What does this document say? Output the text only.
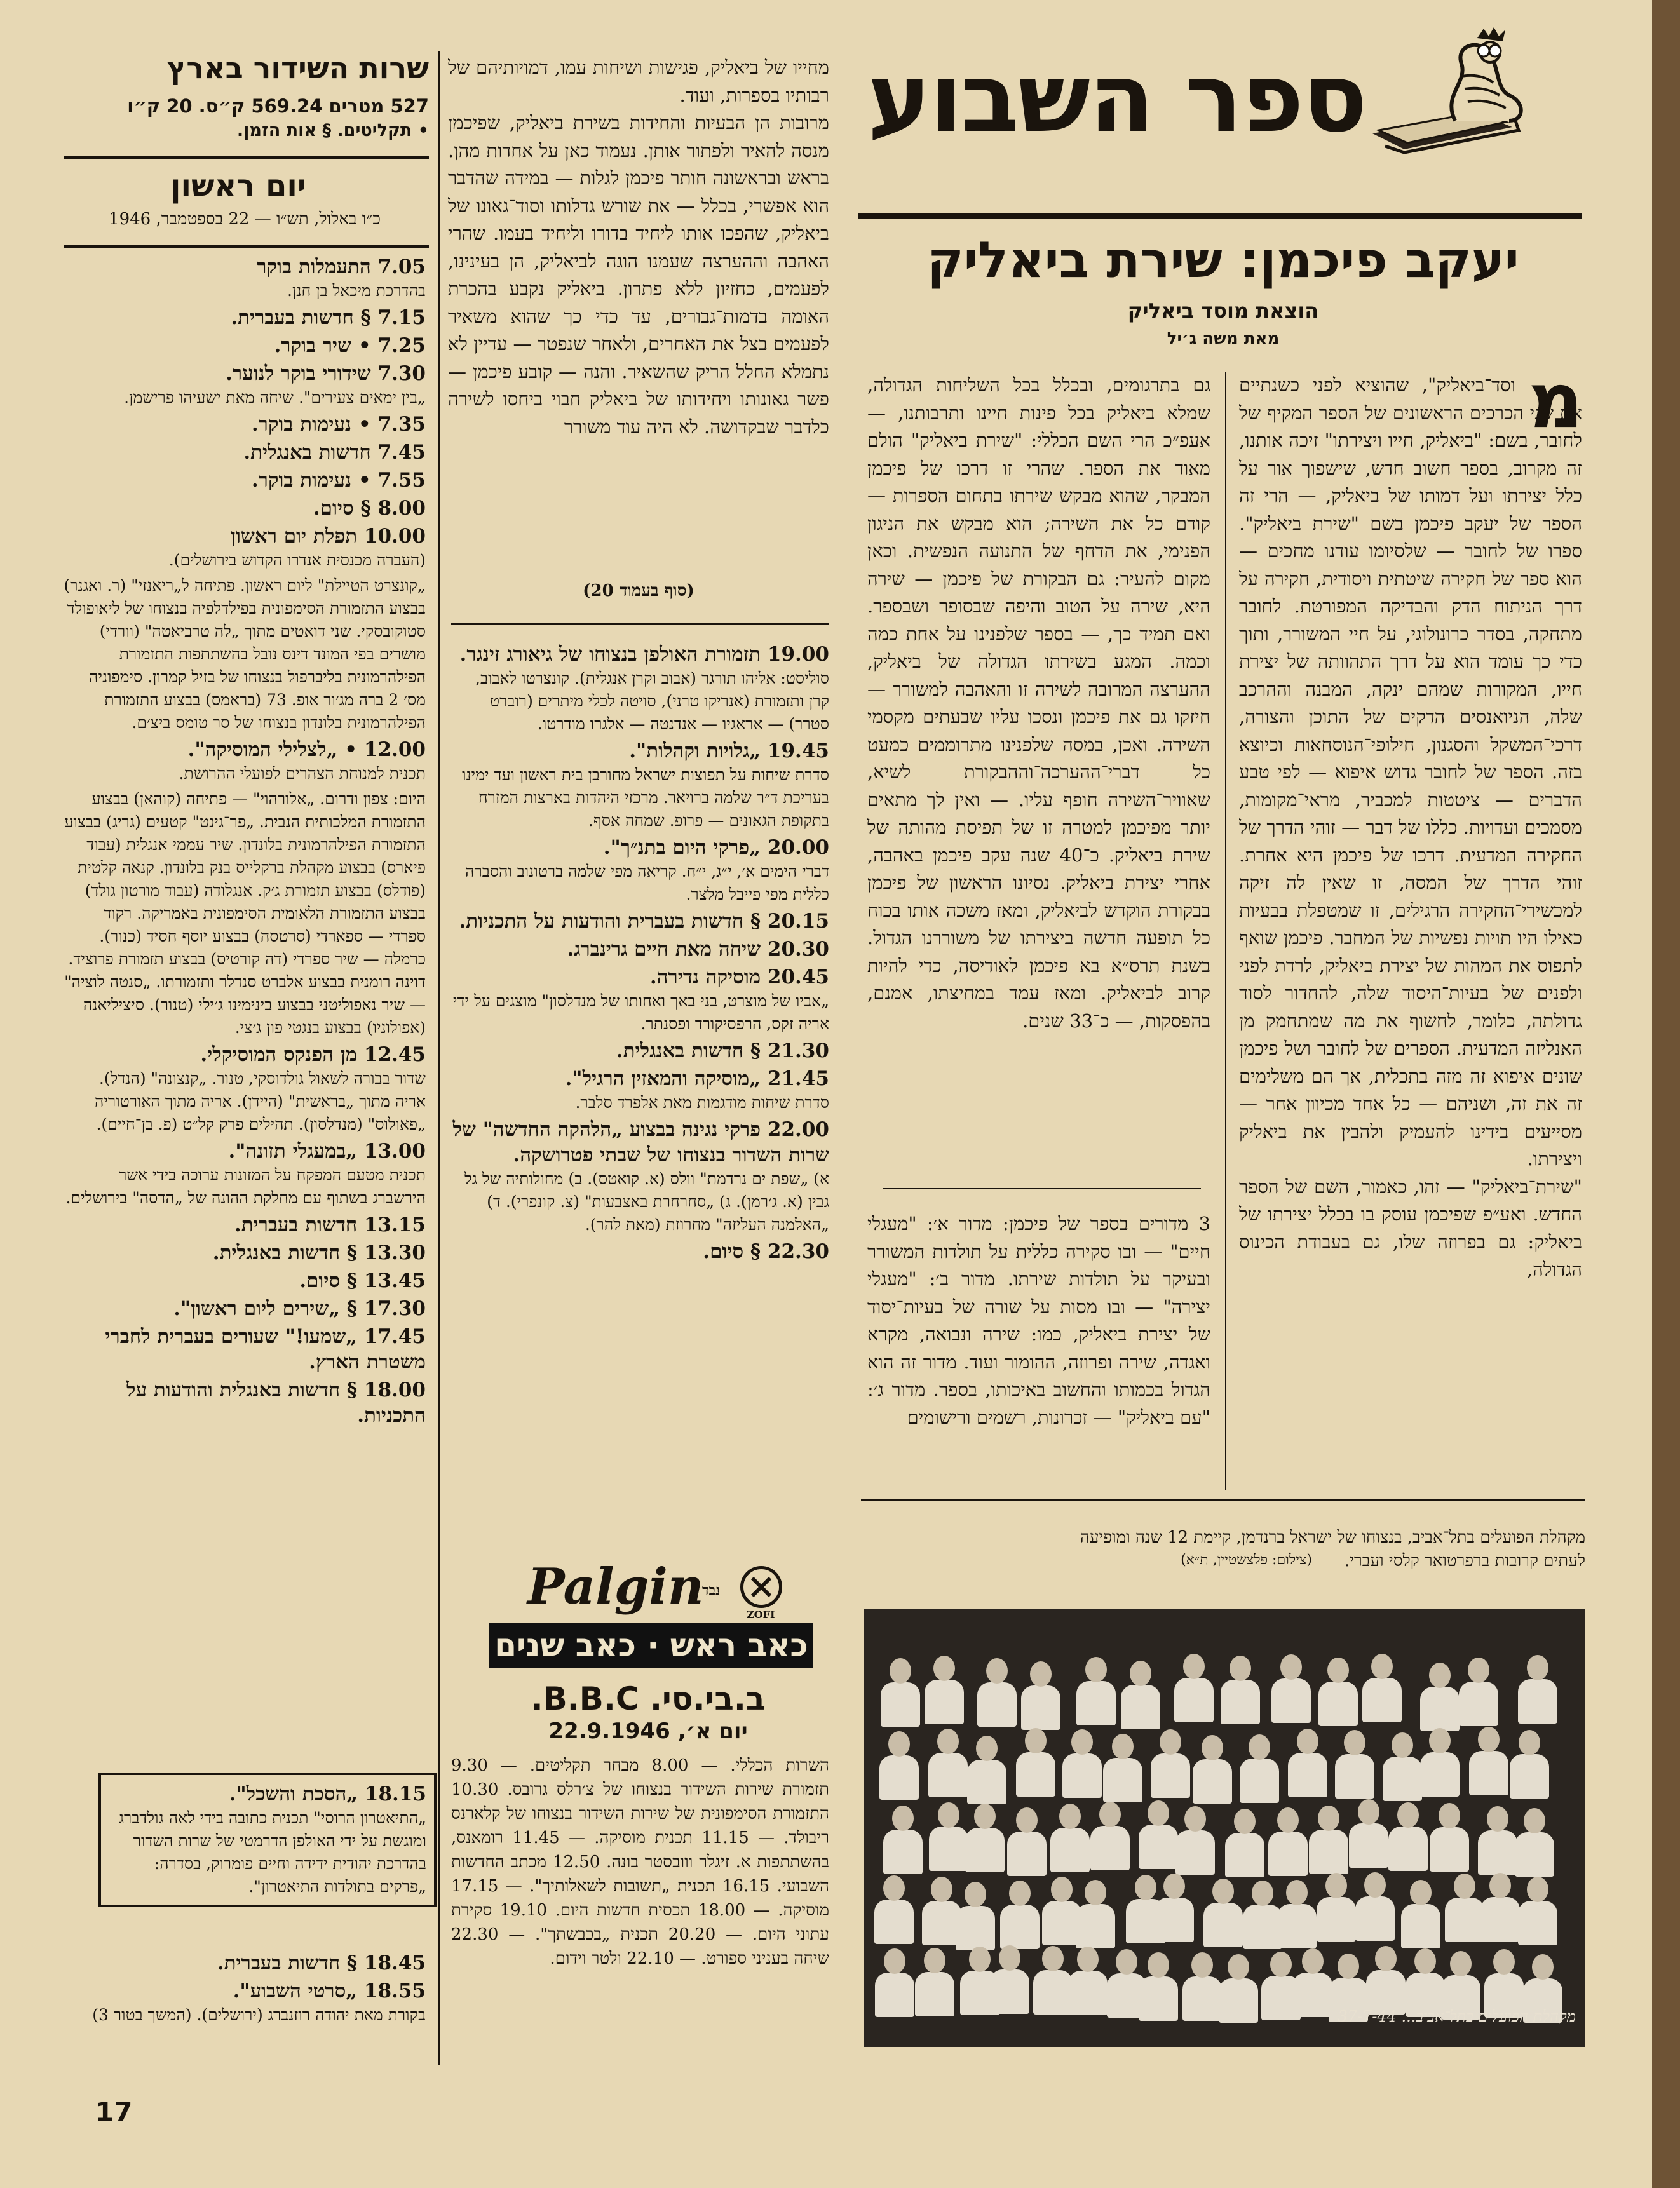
ספר השבוע
יעקב פיכמן: שירת ביאליק
הוצאת מוסד ביאליק
מאת משה ג׳יל
מ
וסד־ביאליק", שהוציא לפני כשנתיים את שני הכרכים הראשונים של הספר המקיף של לחובר, בשם: "ביאליק, חייו ויצירתו" זיכה אותנו, זה מקרוב, בספר חשוב חדש, שישפוך אור על כלל יצירתו ועל דמותו של ביאליק, — הרי זה הספר של יעקב פיכמן בשם "שירת ביאליק". ספרו של לחובר — שלסיומו עודנו מחכים — הוא ספר של חקירה שיטתית ויסודית, חקירה על דרך הניתוח הדק והבדיקה המפורטת. לחובר מתחקה, בסדר כרונולוגי, על חיי המשורר, ותוך כדי כך עומד הוא על דרך התהוותה של יצירת חייו, המקורות שמהם ינקה, המבנה וההרכב שלה, הניואנסים הדקים של התוכן והצורה, דרכי־המשקל והסגנון, חילופי־הנוסחאות וכיוצא בזה. הספר של לחובר גדוש איפוא — לפי טבע הדברים — ציטטות למכביר, מראי־מקומות, מסמכים ועדויות. כללו של דבר — זוהי הדרך של החקירה המדעית. דרכו של פיכמן היא אחרת. זוהי הדרך של המסה, זו שאין לה זיקה למכשירי־החקירה הרגילים, זו שמטפלת בבעיות כאילו היו תויות נפשיות של המחבר. פיכמן שואף לתפוס את המהות של יצירת ביאליק, לרדת לפני ולפנים של בעיות־היסוד שלה, להחדור לסוד גדולתה, כלומר, לחשוף את מה שמתחמק מן האנליזה המדעית. הספרים של לחובר ושל פיכמן שונים איפוא זה מזה בתכלית, אך הם משלימים זה את זה, ושניהם — כל אחד מכיוון אחר — מסייעים בידינו להעמיק ולהבין את ביאליק ויצירתו.
"שירת־ביאליק" — זהו, כאמור, השם של הספר החדש. ואע״פ שפיכמן עוסק בו בכלל יצירתו של ביאליק: גם בפרוזה שלו, גם בעבודת הכינוס הגדולה,
גם בתרגומים, ובכלל בכל השליחות הגדולה, שמלא ביאליק בכל פינות חיינו ותרבותנו, — אעפ״כ הרי השם הכללי: "שירת ביאליק" הולם מאוד את הספר. שהרי זו דרכו של פיכמן המבקר, שהוא מבקש שירתו בתחום הספרות — קודם כל את השירה; הוא מבקש את הניגון הפנימי, את הדחף של התנועה הנפשית. וכאן מקום להעיר: גם הבקורת של פיכמן — שירה היא, שירה על הטוב והיפה שבסופר ושבספר. ואם תמיד כך, — בספר שלפנינו על אחת כמה וכמה. המגע בשירתו הגדולה של ביאליק, ההערצה המרובה לשירה זו והאהבה למשורר — חיזקו גם את פיכמן ונסכו עליו שבעתים מקסמי השירה. ואכן, במסה שלפנינו מתרוממים כמעט כל דברי־ההערכה־וההבקורת לשיא, שאוויר־השירה חופף עליו. — ואין לך מתאים יותר מפיכמן למטרה זו של תפיסת מהותה של שירת ביאליק. כ־40 שנה עקב פיכמן באהבה, אחרי יצירת ביאליק. נסיונו הראשון של פיכמן בבקורת הוקדש לביאליק, ומאז משכה אותו בכוח כל תופעה חדשה ביצירתו של משוררנו הגדול. בשנת תרס״א בא פיכמן לאודיסה, כדי להיות קרוב לביאליק. ומאז עמד במחיצתו, אמנם, בהפסקות, — כ־33 שנים.
3 מדורים בספר של פיכמן: מדור א׳: "מעגלי חיים" — ובו סקירה כללית על תולדות המשורר ובעיקר על תולדות שירתו. מדור ב׳: "מעגלי יצירה" — ובו מסות על שורה של בעיות־יסוד של יצירת ביאליק, כמו: שירה ונבואה, מקרא ואגדה, שירה ופרוזה, ההומור ועוד. מדור זה הוא הגדול בכמותו והחשוב באיכותו, בספר. מדור ג׳: "עם ביאליק" — זכרונות, רשמים ורישומים
מקהלת הפועלים בתל־אביב, בנצוחו של ישראל ברנדמן, קיימת 12 שנה ומופיעה
לעתים קרובות ברפרטואר קלסי ועברי.
(צילום: פלצשטיין, ת״א)
מקהלת הפועלים בתל־אביב... 37-7-44
מחייו של ביאליק, פגישות ושיחות עמו, דמויותיהם של רבותיו בספרות, ועוד.
מרובות הן הבעיות והחידות בשירת ביאליק, שפיכמן מנסה להאיר ולפתור אותן. נעמוד כאן על אחדות מהן. בראש ובראשונה חותר פיכמן לגלות — במידה שהדבר הוא אפשרי, בכלל — את שורש גדלותו וסוד־גאונו של ביאליק, שהפכו אותו ליחיד בדורו וליחיד בעמו. שהרי האהבה וההערצה שעמנו הוגה לביאליק, הן בעינינו, לפעמים, כחזיון ללא פתרון. ביאליק נקבע בהכרת האומה בדמות־גבורים, עד כדי כך שהוא משאיר לפעמים בצל את האחרים, ולאחר שנפטר — עדיין לא נתמלא החלל הריק שהשאיר. והנה — קובע פיכמן — פשר גאונותו ויחידותו של ביאליק חבוי ביחסו לשירה כלדבר שבקדושה. לא היה עוד משורר
(סוף בעמוד 20)
19.00 תזמורת האולפן בנצוחו של גיאורג זינגר.
סוליסט: אליהו תורגר (אבוב וקרן אנגלית). קונצרטו לאבוב, קרן ותזמורת (אנריקו טרני), סויטה לכלי מיתרים (רוברט סטרר) — אראגיו — אנדנטה — אלגרו מודרטו.
19.45 „גלויות וקהלות".
סדרת שיחות על תפוצות ישראל מחורבן בית ראשון ועד ימינו בעריכת ד״ר שלמה ברויאר. מרכזי היהדות בארצות המזרח בתקופת הגאונים — פרופ. שמחה אסף.
20.00 „פרקי היום בתנ״ך".
דברי הימים א׳, י״ג, י״ח. קריאה מפי שלמה ברטונוב והסברה כללית מפי פייבל מלצר.
20.15 § חדשות בעברית והודעות על התכניות.
20.30 שיחה מאת חיים גרינברג.
20.45 מוסיקה נדירה.
„אביו של מוצרט, בני באך ואחותו של מנדלסון" מוצגים על ידי אריה זקס, הרפסיקורד ופסנתר.
21.30 § חדשות באנגלית.
21.45 „מוסיקה והמאזין הרגיל".
סדרת שיחות מודגמות מאת אלפרד סלבר.
22.00 פרקי נגינה בבצוע „הלהקה החדשה" של שרות השדור בנצוחו של שבתי פטרושקה.
א) „שפת ים נרדמת" וולס (א. קואטס). ב) מחולותיה של גל גבין (א. ג׳רמן). ג) „סחרחרת באצבעות" (צ. קונפרי). ד) „האלמנה העליזה" מחרוזת (מאת להר).
22.30 § סיום.
Palgin
נבד
ZOFI
כאב ראש · כאב שנים
ב.בי.סי. B.B.C.
יום א׳, 22.9.1946
השרות הכללי. — 8.00 מבחר תקליטים. — 9.30 תזמורת שירות השידור בנצוחו של צ׳רלס גרובס. 10.30 התזמורת הסימפונית של שירות השידור בנצוחו של קלארנס ריבולד. — 11.15 תכנית מוסיקה. — 11.45 רומאנס, בהשתתפות א. זיגלר ווובסטר בונה. 12.50 מכתב החדשות השבועי. 16.15 תכנית „תשובות לשאלותיך". — 17.15 מוסיקה. — 18.00 תכסית חדשות היום. 19.10 סקירת עתוני היום. — 20.20 תכנית „בכבשתך". — 22.30 שיחה בעניני ספורט. — 22.10 ולטר וידום.
שרות השידור בארץ
527 מטרים 569.24 ק״ס. 20 ק״ו
• תקליטים. § אות הזמן.
יום ראשון
כ״ו באלול, תש״ו — 22 בספטמבר, 1946
7.05 התעמלות בוקר
בהדרכת מיכאל בן חנן.
7.15 § חדשות בעברית.
7.25 • שיר בוקר.
7.30 שידורי בוקר לנוער.
„בין ימאים צעירים". שיחה מאת ישעיהו פרישמן.
7.35 • נעימות בוקר.
7.45 חדשות באנגלית.
7.55 • נעימות בוקר.
8.00 § סיום.
10.00 תפלת יום ראשון
(העברה מכנסית אנדרו הקדוש בירושלים).
„קונצרט הטיילת" ליום ראשון. פתיחה ל„ריאנזי" (ר. ואגנר) בבצוע התזמורת הסימפונית בפילדלפיה בנצוחו של ליאופולד סטוקובסקי. שני דואטים מתוך „לה טרביאטה" (וורדי) מושרים בפי המונד דינס נובל בהשתתפות התזמורת הפילהרמונית בליברפול בנצוחו של בזיל קמרון. סימפוניה מס׳ 2 ברה מג׳ור אופ. 73 (בראמס) בבצוע התזמורת הפילהרמונית בלונדון בנצוחו של סר טומס ביצ׳ם.
12.00 • „לצלילי המוסיקה".
תכנית למנוחת הצהרים לפועלי ההרושת.
היום: צפון ודרום. „אלורהוי" — פתיחה (קוהאן) בבצוע התזמורת המלכותית הנבית. „פר־גינט" קטעים (גריג) בבצוע התזמורת הפילהרמונית בלונדון. שיר עממי אנגלית (עבוד פיארס) בבצוע מקהלת ברקלייס בנק בלונדון. קנאה קלטית (פודלס) בבצוע תזמורת ג׳ק. אנגלודה (עבוד מורטון גולד) בבצוע התזמורת הלאומית הסימפונית באמריקה. רקוד ספרדי — ספארדי (סרטסה) בבצוע יוסף חסיד (כנור). כרמלה — שיר ספרדי (דה קורטיס) בבצוע תזמורת פרוציד. דוינה רומנית בבצוע אלברט סנדלר ותזמורתו. „סנטה לוציה" — שיר נאפוליטני בבצוע בינימינו ג׳ילי (טנור). סיציליאנה (אפולוניו) בבצוע בנגטי פון ג׳צי.
12.45 מן הפנקס המוסיקלי.
שדור בבורה לשאול גולדוסקי, טנור. „קנצונה" (הנדל). אריה מתוך „בראשית" (היידן). אריה מתוך האורטוריה „פאולוס" (מנדלסון). תהילים פרק קל״ט (פ. בן־חיים).
13.00 „במעגלי תזונה".
תכנית מטעם המפקח על המזונות ערוכה בידי אשר הירשברג בשתוף עם מחלקת ההונה של „הדסה" בירושלים.
13.15 חדשות בעברית.
13.30 § חדשות באנגלית.
13.45 § סיום.
17.30 § „שירים ליום ראשון".
17.45 „שמעו!" שעורים בעברית לחברי משטרת הארץ.
18.00 § חדשות באנגלית והודעות על התכניות.
18.15 „הסכת והשכל".
„התיאטרון הרוסי" תכנית כתובה בידי לאה גולדברג ומוגשת על ידי האולפן הדרמטי של שרות השדור בהדרכת יהודית ידידה וחיים פומרוק, בסדרה: „פרקים בתולדות התיאטרון".
18.45 § חדשות בעברית.
18.55 „סרטי השבוע".
בקורת מאת יהודה רוזנברג (ירושלים). (המשך בטור 3)
17
